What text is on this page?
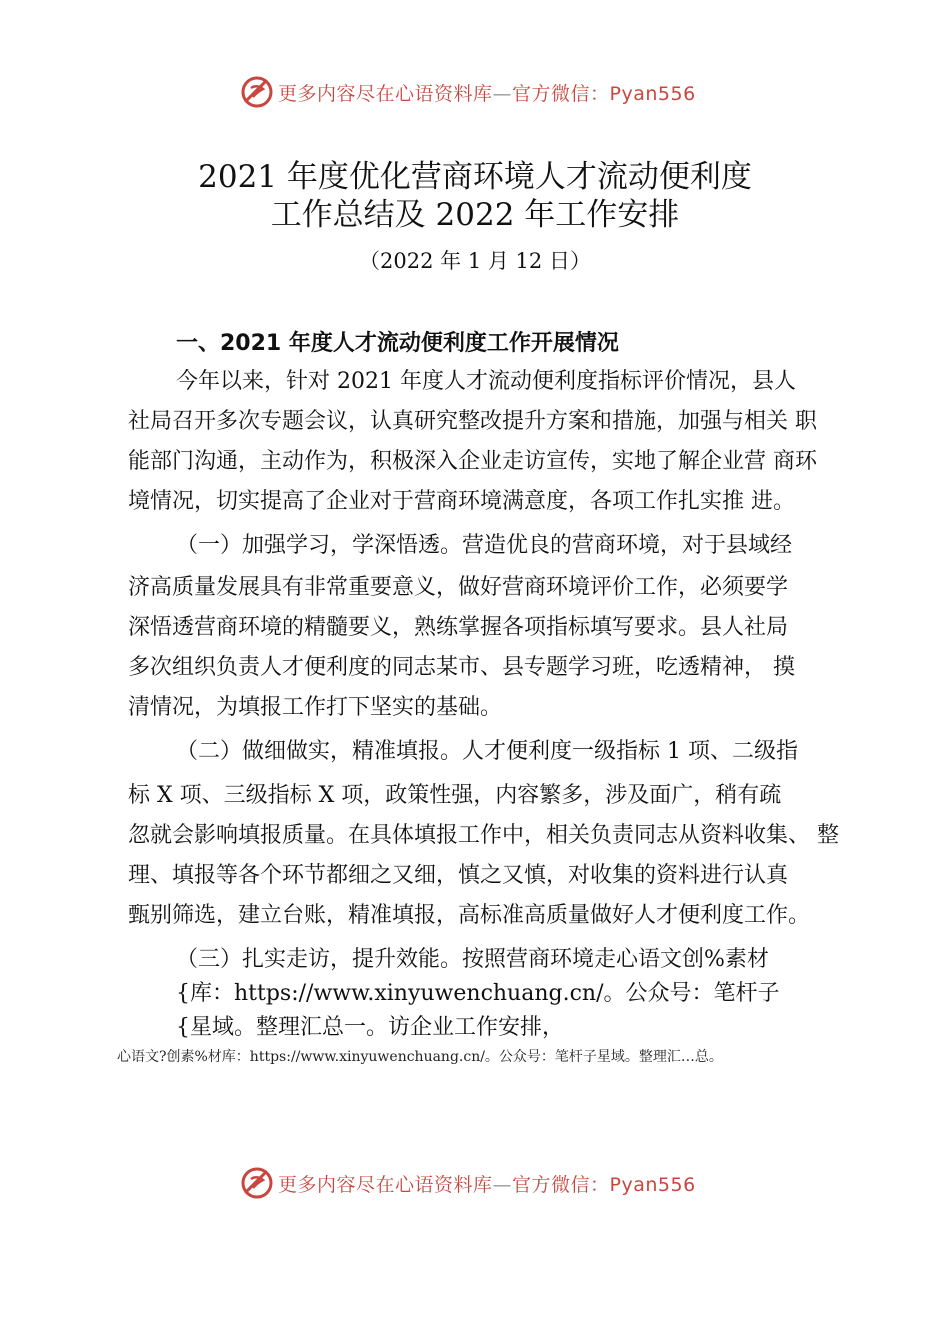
更多内容尽在心语资料库—官方微信：Pyan556
2021 年度优化营商环境人才流动便利度
工作总结及 2022 年工作安排
（2022 年 1 月 12 日）
一、2021 年度人才流动便利度工作开展情况
今年以来，针对 2021 年度人才流动便利度指标评价情况，县人
社局召开多次专题会议，认真研究整改提升方案和措施，加强与相关 职
能部门沟通，主动作为，积极深入企业走访宣传，实地了解企业营 商环
境情况，切实提高了企业对于营商环境满意度，各项工作扎实推 进。
（一）加强学习，学深悟透。营造优良的营商环境，对于县域经
济高质量发展具有非常重要意义，做好营商环境评价工作，必须要学
深悟透营商环境的精髓要义，熟练掌握各项指标填写要求。县人社局
多次组织负责人才便利度的同志某市、县专题学习班，吃透精神， 摸
清情况，为填报工作打下坚实的基础。
（二）做细做实，精准填报。人才便利度一级指标 1 项、二级指
标 X 项、三级指标 X 项，政策性强，内容繁多，涉及面广，稍有疏
忽就会影响填报质量。在具体填报工作中，相关负责同志从资料收集、 整
理、填报等各个环节都细之又细，慎之又慎，对收集的资料进行认真
甄别筛选，建立台账，精准填报，高标准高质量做好人才便利度工作。
（三）扎实走访，提升效能。按照营商环境走心语文创%素材
{库：https://www.xinyuwenchuang.cn/。公众号：笔杆子
{星域。整理汇总一。访企业工作安排，
心语文?创素%材库：https://www.xinyuwenchuang.cn/。公众号：笔杆子星域。整理汇…总。
更多内容尽在心语资料库—官方微信：Pyan556
